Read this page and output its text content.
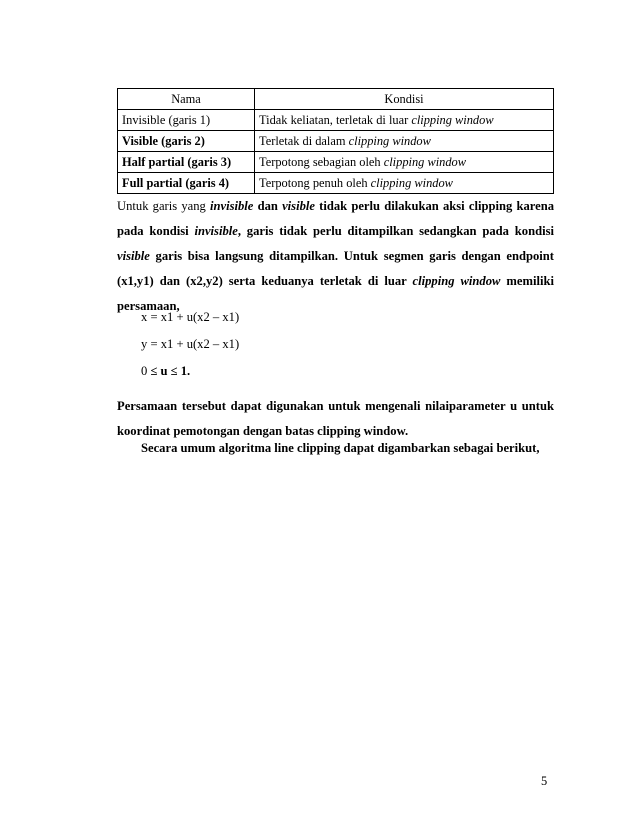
Nama	Kondisi
Invisible (garis 1)	Tidak keliatan, terletak di luar clipping window
Visible (garis 2)	Terletak di dalam clipping window
Half partial (garis 3)	Terpotong sebagian oleh clipping window
Full partial (garis 4)	Terpotong penuh oleh clipping window

Untuk garis yang invisible dan visible tidak perlu dilakukan aksi clipping karena
pada kondisi invisible, garis tidak perlu ditampilkan sedangkan pada kondisi
visible garis bisa langsung ditampilkan. Untuk segmen garis dengan endpoint
(x1,y1) dan (x2,y2) serta keduanya terletak di luar clipping window memiliki
persamaan,

x = x1 + u(x2 – x1)

y = x1 + u(x2 – x1)

0 ≤ u ≤ 1.

Persamaan tersebut dapat digunakan untuk mengenali nilaiparameter u untuk
koordinat pemotongan dengan batas clipping window.

Secara umum algoritma line clipping dapat digambarkan sebagai berikut,

5
